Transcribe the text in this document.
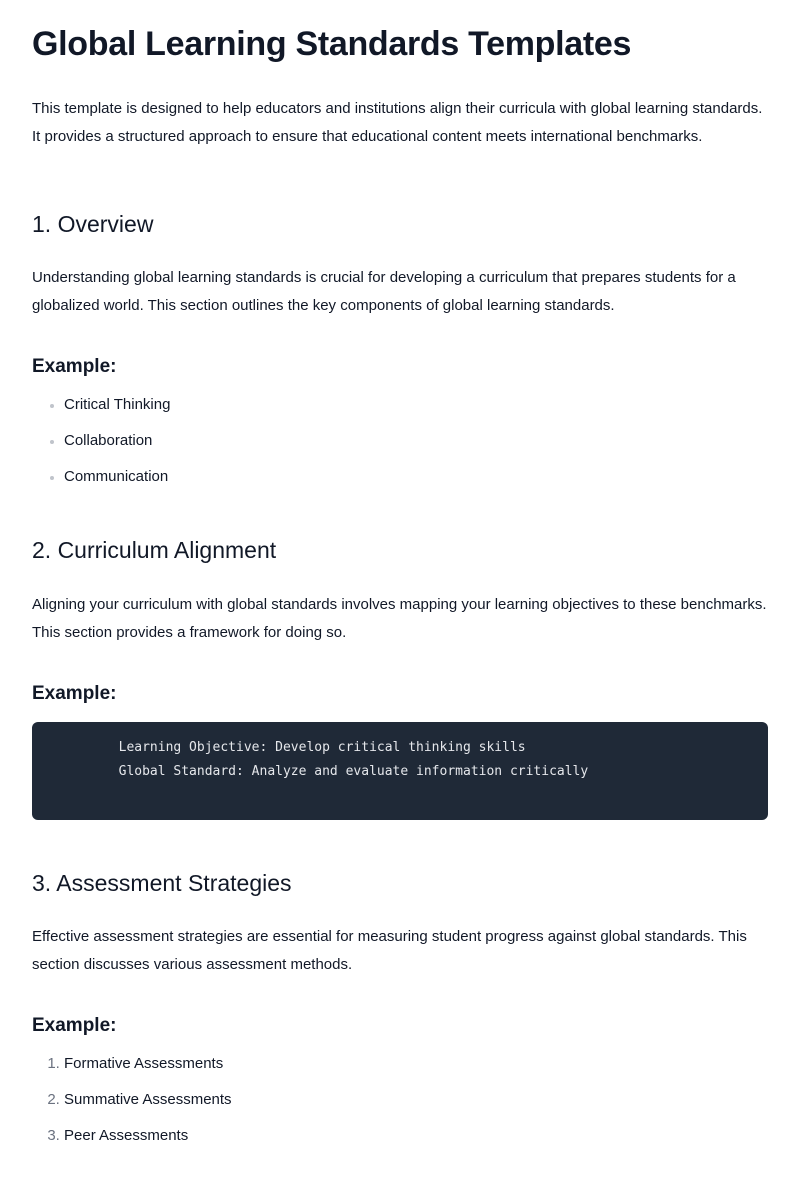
Global Learning Standards Templates

This template is designed to help educators and institutions align their curricula with global learning standards. It provides a structured approach to ensure that educational content meets international benchmarks.

1. Overview

Understanding global learning standards is crucial for developing a curriculum that prepares students for a globalized world. This section outlines the key components of global learning standards.

Example:
• Critical Thinking
• Collaboration
• Communication
2. Curriculum Alignment

Aligning your curriculum with global standards involves mapping your learning objectives to these benchmarks. This section provides a framework for doing so.

Example:
Learning Objective: Develop critical thinking skills
Global Standard: Analyze and evaluate information critically
3. Assessment Strategies

Effective assessment strategies are essential for measuring student progress against global standards. This section discusses various assessment methods.

Example:
1. Formative Assessments
2. Summative Assessments
3. Peer Assessments
